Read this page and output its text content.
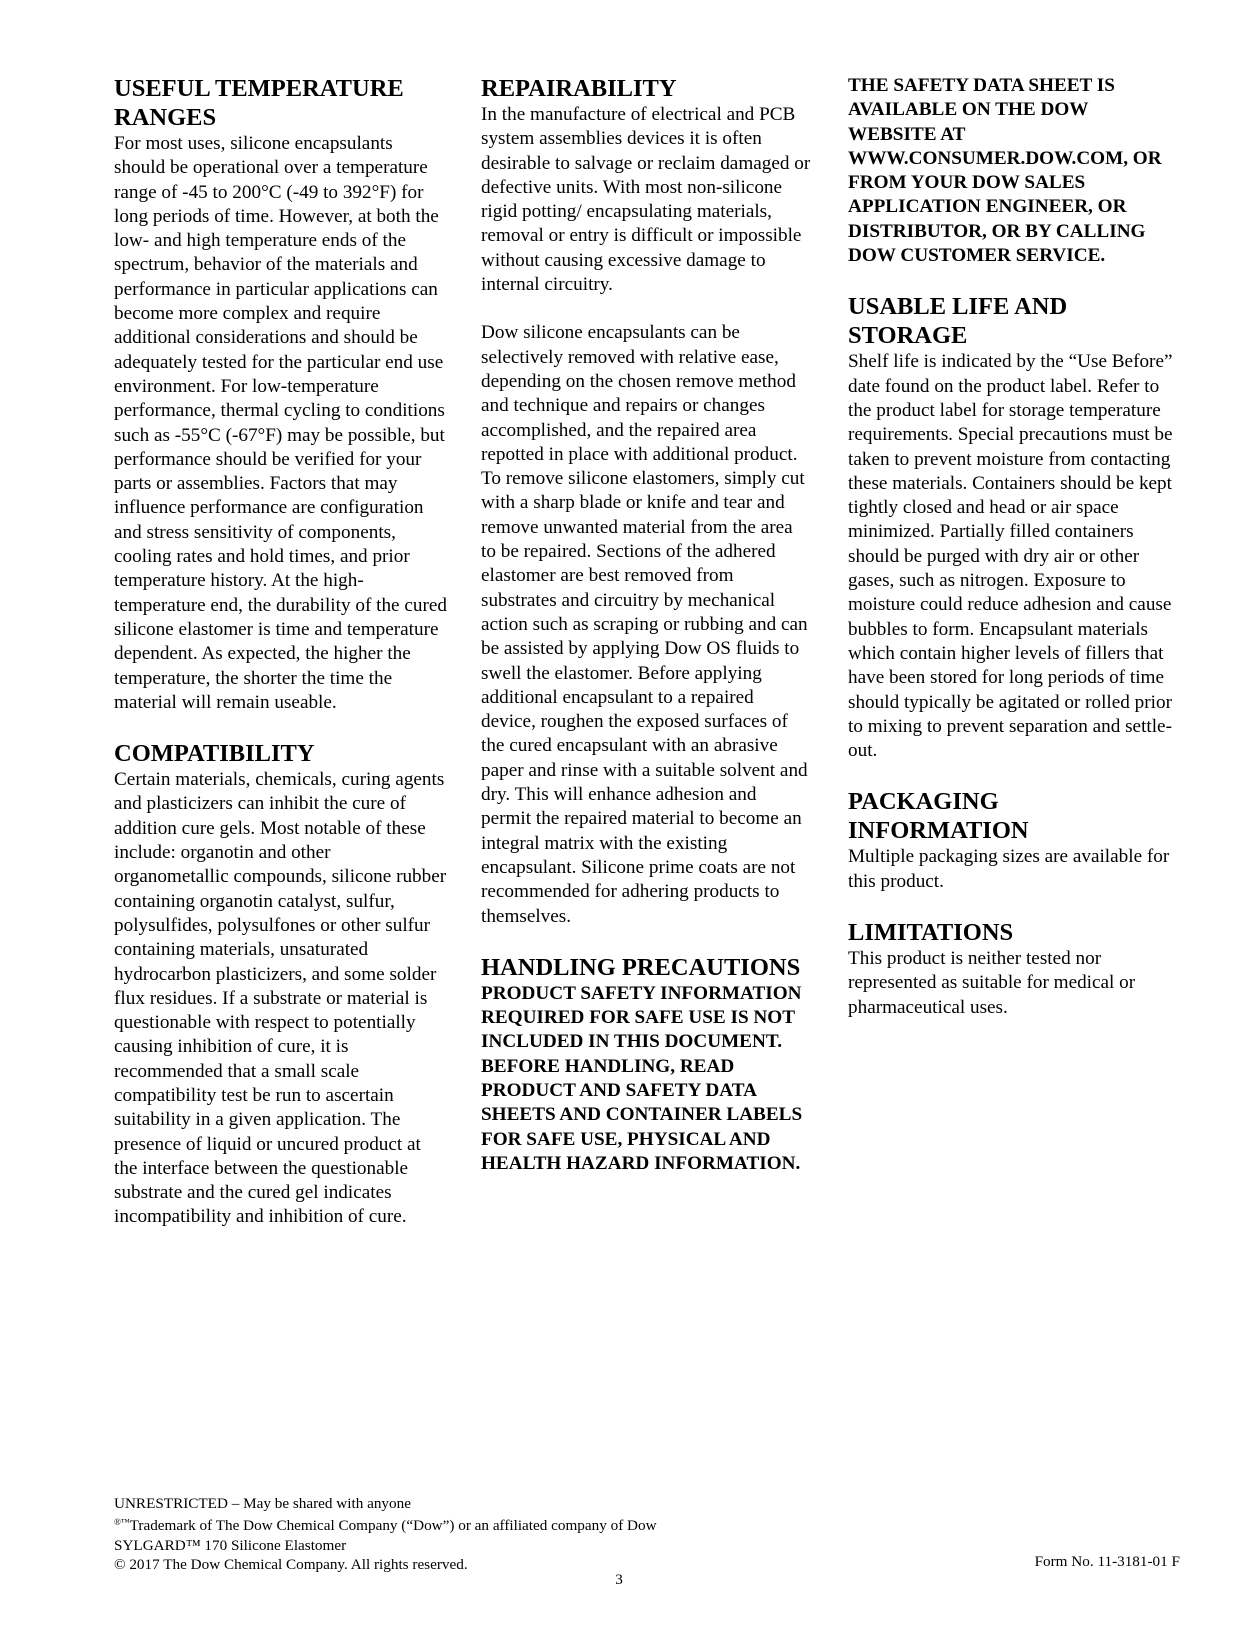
USEFUL TEMPERATURE RANGES

For most uses, silicone encapsulants should be operational over a temperature range of -45 to 200°C (-49 to 392°F) for long periods of time. However, at both the low- and high temperature ends of the spectrum, behavior of the materials and performance in particular applications can become more complex and require additional considerations and should be adequately tested for the particular end use environment. For low-temperature performance, thermal cycling to conditions such as -55°C (-67°F) may be possible, but performance should be verified for your parts or assemblies. Factors that may influence performance are configuration and stress sensitivity of components, cooling rates and hold times, and prior temperature history. At the high-temperature end, the durability of the cured silicone elastomer is time and temperature dependent. As expected, the higher the temperature, the shorter the time the material will remain useable.

COMPATIBILITY

Certain materials, chemicals, curing agents and plasticizers can inhibit the cure of addition cure gels. Most notable of these include: organotin and other organometallic compounds, silicone rubber containing organotin catalyst, sulfur, polysulfides, polysulfones or other sulfur containing materials, unsaturated hydrocarbon plasticizers, and some solder flux residues. If a substrate or material is questionable with respect to potentially causing inhibition of cure, it is recommended that a small scale compatibility test be run to ascertain suitability in a given application. The presence of liquid or uncured product at the interface between the questionable substrate and the cured gel indicates incompatibility and inhibition of cure.

REPAIRABILITY

In the manufacture of electrical and PCB system assemblies devices it is often desirable to salvage or reclaim damaged or defective units. With most non-silicone rigid potting/ encapsulating materials, removal or entry is difficult or impossible without causing excessive damage to internal circuitry.

Dow silicone encapsulants can be selectively removed with relative ease, depending on the chosen remove method and technique and repairs or changes accomplished, and the repaired area repotted in place with additional product. To remove silicone elastomers, simply cut with a sharp blade or knife and tear and remove unwanted material from the area to be repaired. Sections of the adhered elastomer are best removed from substrates and circuitry by mechanical action such as scraping or rubbing and can be assisted by applying Dow OS fluids to swell the elastomer. Before applying additional encapsulant to a repaired device, roughen the exposed surfaces of the cured encapsulant with an abrasive paper and rinse with a suitable solvent and dry. This will enhance adhesion and permit the repaired material to become an integral matrix with the existing encapsulant. Silicone prime coats are not recommended for adhering products to themselves.

HANDLING PRECAUTIONS

PRODUCT SAFETY INFORMATION REQUIRED FOR SAFE USE IS NOT INCLUDED IN THIS DOCUMENT. BEFORE HANDLING, READ PRODUCT AND SAFETY DATA SHEETS AND CONTAINER LABELS FOR SAFE USE, PHYSICAL AND HEALTH HAZARD INFORMATION.

THE SAFETY DATA SHEET IS AVAILABLE ON THE DOW WEBSITE AT WWW.CONSUMER.DOW.COM, OR FROM YOUR DOW SALES APPLICATION ENGINEER, OR DISTRIBUTOR, OR BY CALLING DOW CUSTOMER SERVICE.

USABLE LIFE AND STORAGE

Shelf life is indicated by the “Use Before” date found on the product label. Refer to the product label for storage temperature requirements. Special precautions must be taken to prevent moisture from contacting these materials. Containers should be kept tightly closed and head or air space minimized. Partially filled containers should be purged with dry air or other gases, such as nitrogen. Exposure to moisture could reduce adhesion and cause bubbles to form. Encapsulant materials which contain higher levels of fillers that have been stored for long periods of time should typically be agitated or rolled prior to mixing to prevent separation and settle-out.

PACKAGING INFORMATION

Multiple packaging sizes are available for this product.

LIMITATIONS

This product is neither tested nor represented as suitable for medical or pharmaceutical uses.

UNRESTRICTED – May be shared with anyone
®™Trademark of The Dow Chemical Company (“Dow”) or an affiliated company of Dow
SYLGARD™ 170 Silicone Elastomer
© 2017 The Dow Chemical Company. All rights reserved.	Form No. 11-3181-01 F
3
